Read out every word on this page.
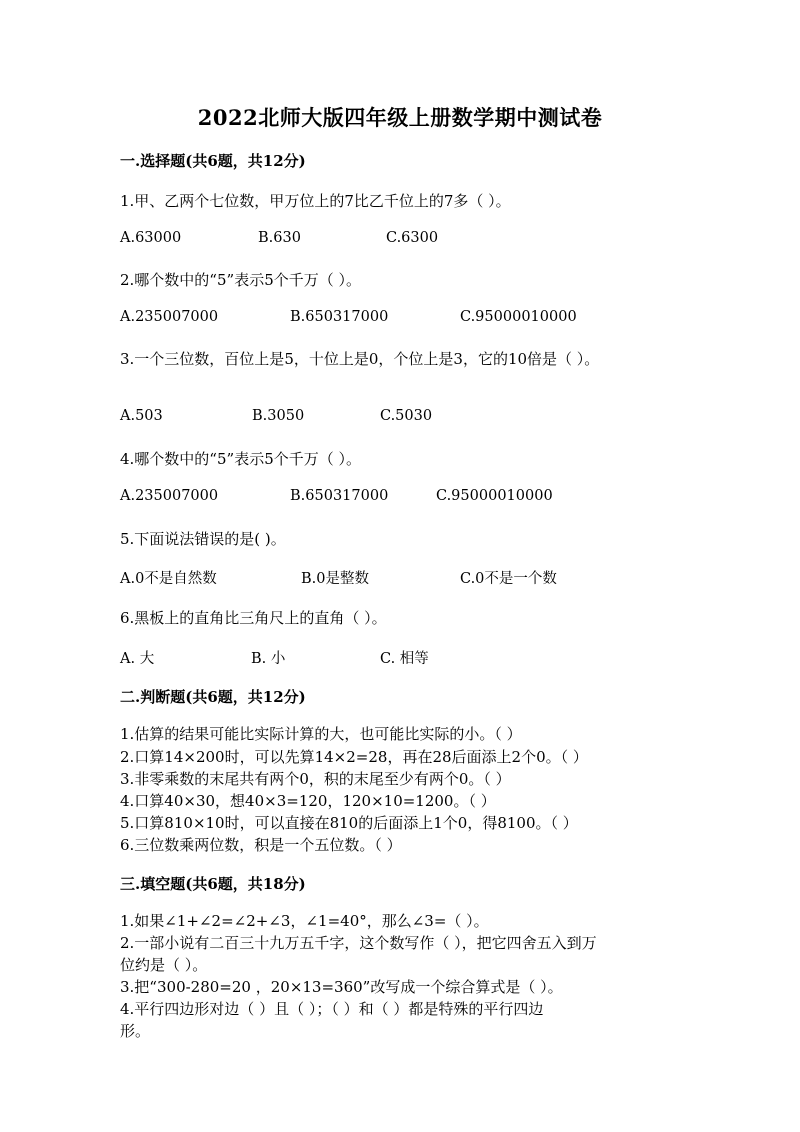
2022北师大版四年级上册数学期中测试卷
一.选择题(共6题，共12分)
1.甲、乙两个七位数，甲万位上的7比乙千位上的7多（ ）。
A.63000	B.630	C.6300
2.哪个数中的“5”表示5个千万（ ）。
A.235007000	B.650317000	C.95000010000
3.一个三位数，百位上是5，十位上是0，个位上是3，它的10倍是（ ）。
A.503	B.3050	C.5030
4.哪个数中的“5”表示5个千万（ ）。
A.235007000	B.650317000	C.95000010000
5.下面说法错误的是( )。
A.0不是自然数	B.0是整数	C.0不是一个数
6.黑板上的直角比三角尺上的直角（ ）。
A. 大	B. 小	C. 相等
二.判断题(共6题，共12分)
1.估算的结果可能比实际计算的大，也可能比实际的小。（ ）
2.口算14×200时，可以先算14×2=28，再在28后面添上2个0。（ ）
3.非零乘数的末尾共有两个0，积的末尾至少有两个0。（ ）
4.口算40×30，想40×3=120，120×10=1200。（ ）
5.口算810×10时，可以直接在810的后面添上1个0，得8100。（ ）
6.三位数乘两位数，积是一个五位数。（ ）
三.填空题(共6题，共18分)
1.如果∠1+∠2=∠2+∠3，∠1=40°，那么∠3=（ ）。
2.一部小说有二百三十九万五千字，这个数写作（ ），把它四舍五入到万
位约是（ ）。
3.把“300-280=20 ，20×13=360”改写成一个综合算式是（ ）。
4.平行四边形对边（ ）且（ ）；（ ）和（ ）都是特殊的平行四边
形。
